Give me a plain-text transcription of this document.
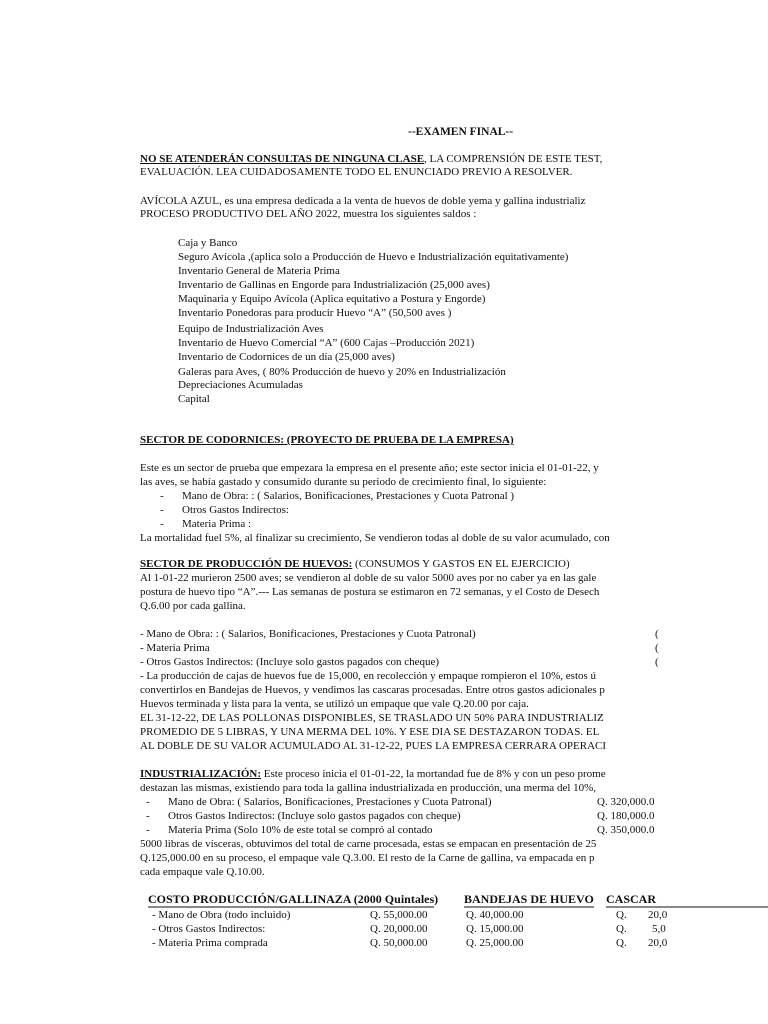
--EXAMEN FINAL--
NO SE ATENDERÁN CONSULTAS DE NINGUNA CLASE, LA COMPRENSIÓN DE ESTE TEST,
EVALUACIÓN. LEA CUIDADOSAMENTE TODO EL ENUNCIADO PREVIO A RESOLVER.
AVÍCOLA AZUL, es una empresa dedicada a la venta de huevos de doble yema y gallina industrializ
PROCESO PRODUCTIVO DEL AÑO 2022, muestra los siguientes saldos :
Caja y Banco
Seguro Avícola ,(aplica solo a Producción de Huevo e Industrialización equitativamente)
Inventario General de Materia Prima
Inventario de Gallinas en Engorde para Industrialización (25,000 aves)
Maquinaria y Equipo Avícola (Aplica equitativo a Postura y Engorde)
Inventario Ponedoras para producir Huevo “A” (50,500 aves )
Equipo de Industrialización Aves
Inventario de Huevo Comercial “A” (600 Cajas –Producción 2021)
Inventario de Codornices de un día (25,000 aves)
Galeras para Aves, ( 80% Producción de huevo y 20% en Industrialización
Depreciaciones Acumuladas
Capital
SECTOR DE CODORNICES: (PROYECTO DE PRUEBA DE LA EMPRESA)
Este es un sector de prueba que empezara la empresa en el presente año; este sector inicia el 01-01-22, y
las aves, se había gastado y consumido durante su periodo de crecimiento final, lo siguiente:
- Mano de Obra: : ( Salarios, Bonificaciones, Prestaciones y Cuota Patronal )
- Otros Gastos Indirectos:
- Materia Prima :
La mortalidad fuel 5%, al finalizar su crecimiento, Se vendieron todas al doble de su valor acumulado, con
SECTOR DE PRODUCCIÓN DE HUEVOS: (CONSUMOS Y GASTOS EN EL EJERCICIO)
Al 1-01-22 murieron 2500 aves; se vendieron al doble de su valor 5000 aves por no caber ya en las gale
postura de huevo tipo “A”.--- Las semanas de postura se estimaron en 72 semanas, y el Costo de Desech
Q.6.00 por cada gallina.
- Mano de Obra: : ( Salarios, Bonificaciones, Prestaciones y Cuota Patronal)	(
- Materia Prima	(
- Otros Gastos Indirectos: (Incluye solo gastos pagados con cheque)	(
- La producción de cajas de huevos fue de 15,000, en recolección y empaque rompieron el 10%, estos ú
convertirlos en Bandejas de Huevos, y vendimos las cascaras procesadas. Entre otros gastos adicionales p
Huevos terminada y lista para la venta, se utilizó un empaque que vale Q.20.00 por caja.
EL 31-12-22, DE LAS POLLONAS DISPONIBLES, SE TRASLADO UN 50% PARA INDUSTRIALIZ
PROMEDIO DE 5 LIBRAS, Y UNA MERMA DEL 10%. Y ESE DIA SE DESTAZARON TODAS. EL
AL DOBLE DE SU VALOR ACUMULADO AL 31-12-22, PUES LA EMPRESA CERRARA OPERACI
INDUSTRIALIZACIÓN: Este proceso inicia el 01-01-22, la mortandad fue de 8% y con un peso prome
destazan las mismas, existiendo para toda la gallina industrializada en producción, una merma del 10%,
- Mano de Obra: ( Salarios, Bonificaciones, Prestaciones y Cuota Patronal)	Q. 320,000.0
- Otros Gastos Indirectos: (Incluye solo gastos pagados con cheque)	Q. 180,000.0
- Materia Prima (Solo 10% de este total se compró al contado	Q. 350,000.0
5000 libras de vísceras, obtuvimos del total de carne procesada, estas se empacan en presentación de 25
Q.125,000.00 en su proceso, el empaque vale Q.3.00. El resto de la Carne de gallina, va empacada en p
cada empaque vale Q.10.00.
COSTO PRODUCCIÓN/GALLINAZA (2000 Quintales) BANDEJAS DE HUEVO CASCAR
- Mano de Obra (todo incluido)	Q. 55,000.00	Q. 40,000.00	Q. 20,0
- Otros Gastos Indirectos:	Q. 20,000.00	Q. 15,000.00	Q. 5,0
- Materia Prima comprada	Q. 50,000.00	Q. 25,000.00	Q. 20,0
